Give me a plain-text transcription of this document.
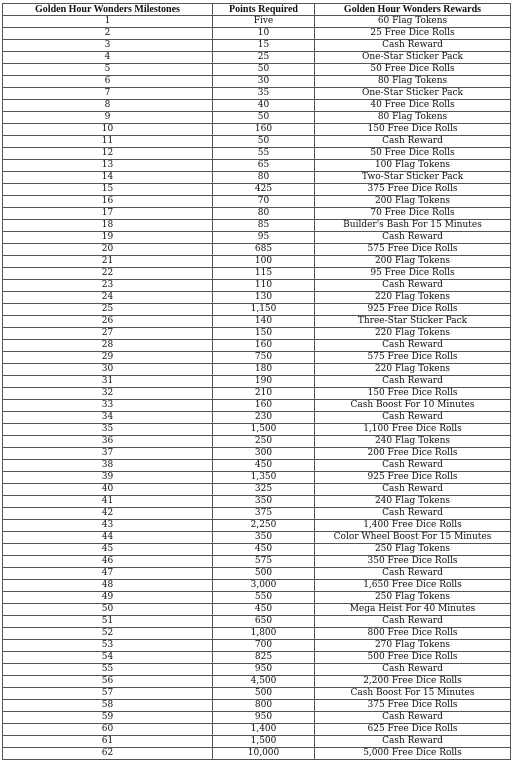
Golden Hour Wonders Milestones	Points Required	Golden Hour Wonders Rewards
1	Five	60 Flag Tokens
2	10	25 Free Dice Rolls
3	15	Cash Reward
4	25	One-Star Sticker Pack
5	50	50 Free Dice Rolls
6	30	80 Flag Tokens
7	35	One-Star Sticker Pack
8	40	40 Free Dice Rolls
9	50	80 Flag Tokens
10	160	150 Free Dice Rolls
11	50	Cash Reward
12	55	50 Free Dice Rolls
13	65	100 Flag Tokens
14	80	Two-Star Sticker Pack
15	425	375 Free Dice Rolls
16	70	200 Flag Tokens
17	80	70 Free Dice Rolls
18	85	Builder's Bash For 15 Minutes
19	95	Cash Reward
20	685	575 Free Dice Rolls
21	100	200 Flag Tokens
22	115	95 Free Dice Rolls
23	110	Cash Reward
24	130	220 Flag Tokens
25	1,150	925 Free Dice Rolls
26	140	Three-Star Sticker Pack
27	150	220 Flag Tokens
28	160	Cash Reward
29	750	575 Free Dice Rolls
30	180	220 Flag Tokens
31	190	Cash Reward
32	210	150 Free Dice Rolls
33	160	Cash Boost For 10 Minutes
34	230	Cash Reward
35	1,500	1,100 Free Dice Rolls
36	250	240 Flag Tokens
37	300	200 Free Dice Rolls
38	450	Cash Reward
39	1,350	925 Free Dice Rolls
40	325	Cash Reward
41	350	240 Flag Tokens
42	375	Cash Reward
43	2,250	1,400 Free Dice Rolls
44	350	Color Wheel Boost For 15 Minutes
45	450	250 Flag Tokens
46	575	350 Free Dice Rolls
47	500	Cash Reward
48	3,000	1,650 Free Dice Rolls
49	550	250 Flag Tokens
50	450	Mega Heist For 40 Minutes
51	650	Cash Reward
52	1,800	800 Free Dice Rolls
53	700	270 Flag Tokens
54	825	500 Free Dice Rolls
55	950	Cash Reward
56	4,500	2,200 Free Dice Rolls
57	500	Cash Boost For 15 Minutes
58	800	375 Free Dice Rolls
59	950	Cash Reward
60	1,400	625 Free Dice Rolls
61	1,500	Cash Reward
62	10,000	5,000 Free Dice Rolls
